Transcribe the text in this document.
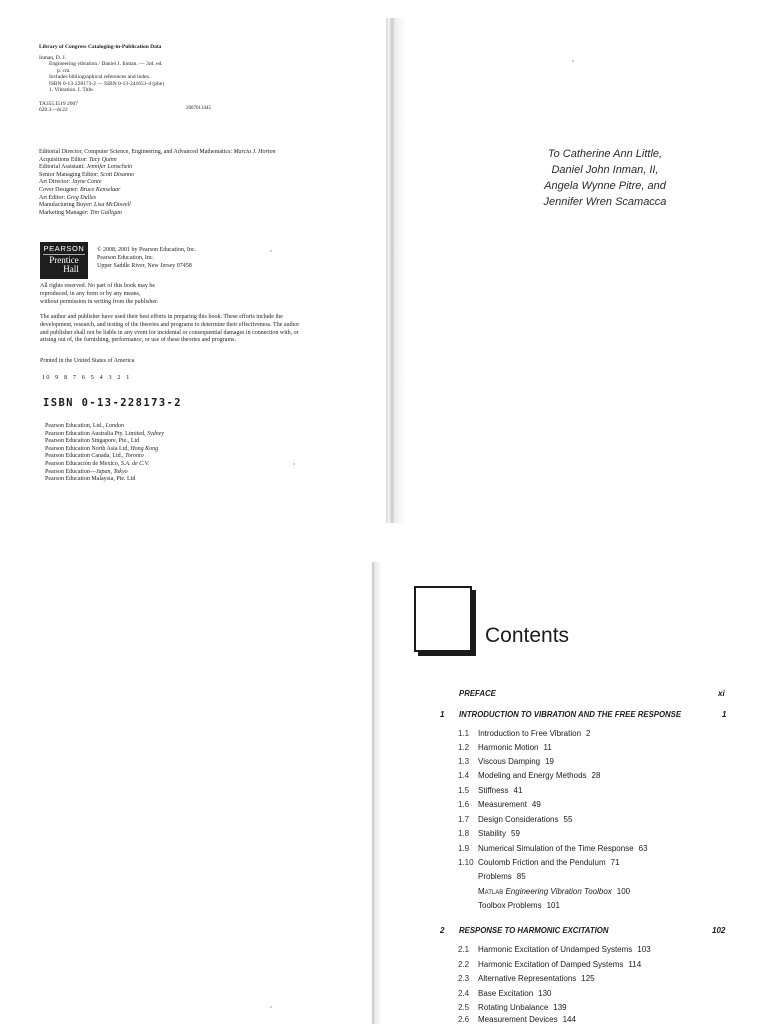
Library of Congress Cataloging-in-Publication Data
Inman, D. J.
Engineering vibration / Daniel J. Inman. — 3rd. ed.
p. cm.
Includes bibliographical references and index.
ISBN 0-13-228173-2 — ISBN 0-13-241651-4 (pbe)
1. Vibration. I. Title.
TA355.I519 2007
620.3—dc22	2007013445
Editorial Director, Computer Science, Engineering, and Advanced Mathematics: Marcia J. Horton
Acquisitions Editor: Tacy Quinn
Editorial Assistant: Jennifer Lonschein
Senior Managing Editor: Scott Disanno
Art Director: Jayne Conte
Cover Designer: Bruce Kenselaar
Art Editor: Greg Dulles
Manufacturing Buyer: Lisa McDowell
Marketing Manager: Tim Galligan
PEARSON
Prentice
Hall
© 2008, 2001 by Pearson Education, Inc.
Pearson Education, Inc.
Upper Saddle River, New Jersey 07458
All rights reserved. No part of this book may be
reproduced, in any form or by any means,
without permission in writing from the publisher.
The author and publisher have used their best efforts in preparing this book. These efforts include the
development, research, and testing of the theories and programs to determine their effectiveness. The author
and publisher shall not be liable in any event for incidental or consequential damages in connection with, or
arising out of, the furnishing, performance, or use of these theories and programs.
Printed in the United States of America
10 9 8 7 6 5 4 3 2 1
ISBN 0-13-228173-2
Pearson Education, Ltd., London
Pearson Education Australia Pty. Limited, Sydney
Pearson Education Singapore, Pte., Ltd
Pearson Education North Asia Ltd, Hong Kong
Pearson Education Canada, Ltd., Toronto
Pearson Educación de Mexico, S.A. de C.V.
Pearson Education—Japan, Tokyo
Pearson Education Malaysia, Pte. Ltd
To Catherine Ann Little,
Daniel John Inman, II,
Angela Wynne Pitre, and
Jennifer Wren Scamacca
Contents
PREFACE	xi
1 INTRODUCTION TO VIBRATION AND THE FREE RESPONSE	1
1.1 Introduction to Free Vibration 2
1.2 Harmonic Motion 11
1.3 Viscous Damping 19
1.4 Modeling and Energy Methods 28
1.5 Stiffness 41
1.6 Measurement 49
1.7 Design Considerations 55
1.8 Stability 59
1.9 Numerical Simulation of the Time Response 63
1.10 Coulomb Friction and the Pendulum 71
Problems 85
Matlab Engineering Vibration Toolbox 100
Toolbox Problems 101
2 RESPONSE TO HARMONIC EXCITATION	102
2.1 Harmonic Excitation of Undamped Systems 103
2.2 Harmonic Excitation of Damped Systems 114
2.3 Alternative Representations 125
2.4 Base Excitation 130
2.5 Rotating Unbalance 139
2.6 Measurement Devices 144
